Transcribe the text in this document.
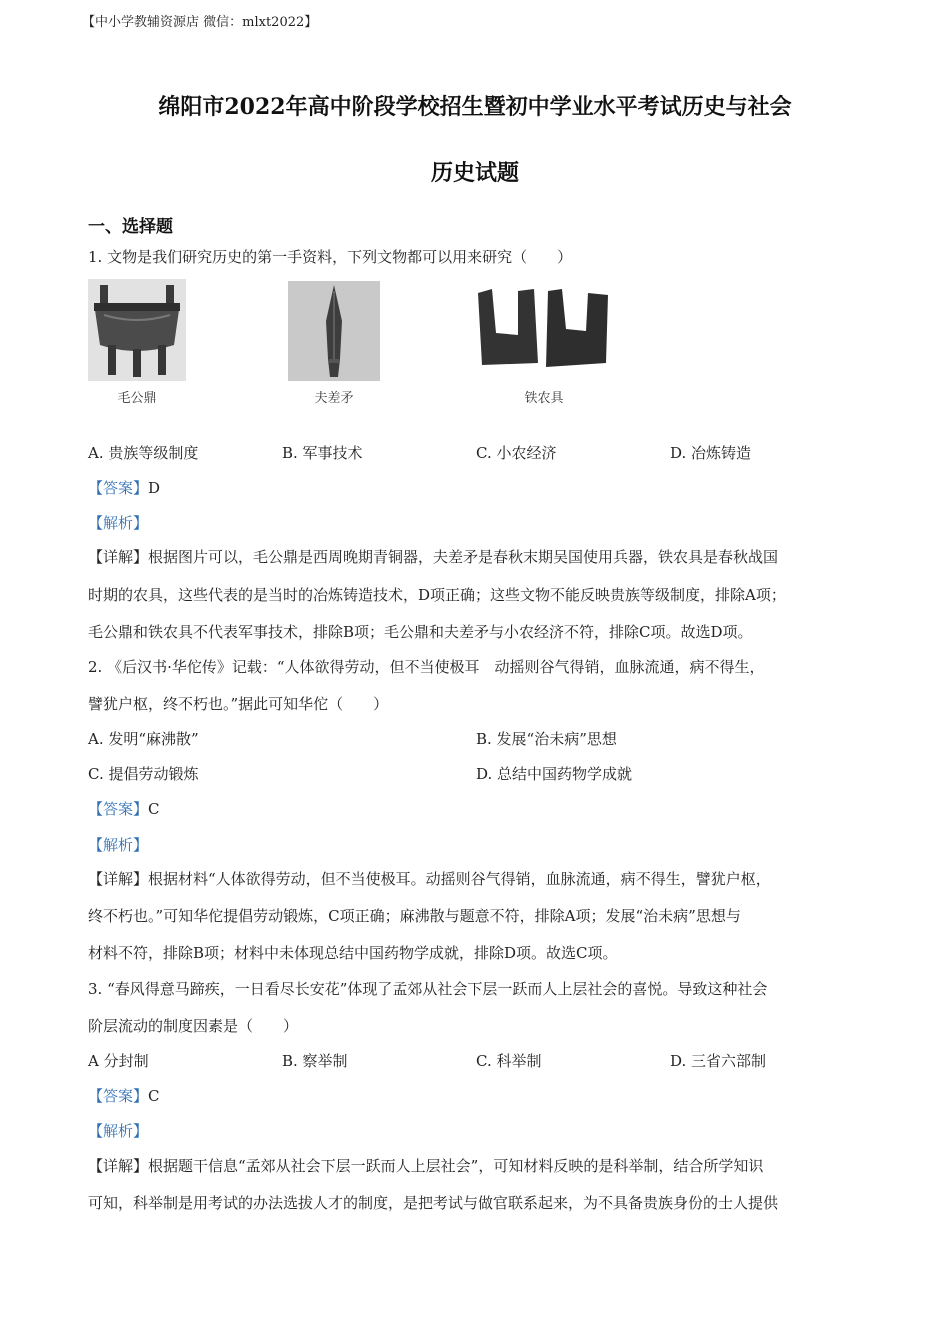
【中小学教辅资源店 微信：mlxt2022】
绵阳市2022年高中阶段学校招生暨初中学业水平考试历史与社会
历史试题
一、选择题
1. 文物是我们研究历史的第一手资料，下列文物都可以用来研究（　　）
毛公鼎	夫差矛	铁农具
A. 贵族等级制度	B. 军事技术	C. 小农经济	D. 冶炼铸造
【答案】D
【解析】
【详解】根据图片可以，毛公鼎是西周晚期青铜器，夫差矛是春秋末期吴国使用兵器，铁农具是春秋战国
时期的农具，这些代表的是当时的冶炼铸造技术，D项正确；这些文物不能反映贵族等级制度，排除A项；
毛公鼎和铁农具不代表军事技术，排除B项；毛公鼎和夫差矛与小农经济不符，排除C项。故选D项。
2. 《后汉书·华佗传》记载：“人体欲得劳动，但不当使极耳　动摇则谷气得销，血脉流通，病不得生，
譬犹户枢，终不朽也。”据此可知华佗（　　）
A. 发明“麻沸散”	B. 发展“治未病”思想
C. 提倡劳动锻炼	D. 总结中国药物学成就
【答案】C
【解析】
【详解】根据材料“人体欲得劳动，但不当使极耳。动摇则谷气得销，血脉流通，病不得生，譬犹户枢，
终不朽也。”可知华佗提倡劳动锻炼，C项正确；麻沸散与题意不符，排除A项；发展“治未病”思想与
材料不符，排除B项；材料中未体现总结中国药物学成就，排除D项。故选C项。
3. “春风得意马蹄疾，一日看尽长安花”体现了孟郊从社会下层一跃而人上层社会的喜悦。导致这种社会
阶层流动的制度因素是（　　）
A 分封制	B. 察举制	C. 科举制	D. 三省六部制
【答案】C
【解析】
【详解】根据题干信息“孟郊从社会下层一跃而人上层社会”，可知材料反映的是科举制，结合所学知识
可知，科举制是用考试的办法选拔人才的制度，是把考试与做官联系起来，为不具备贵族身份的士人提供
